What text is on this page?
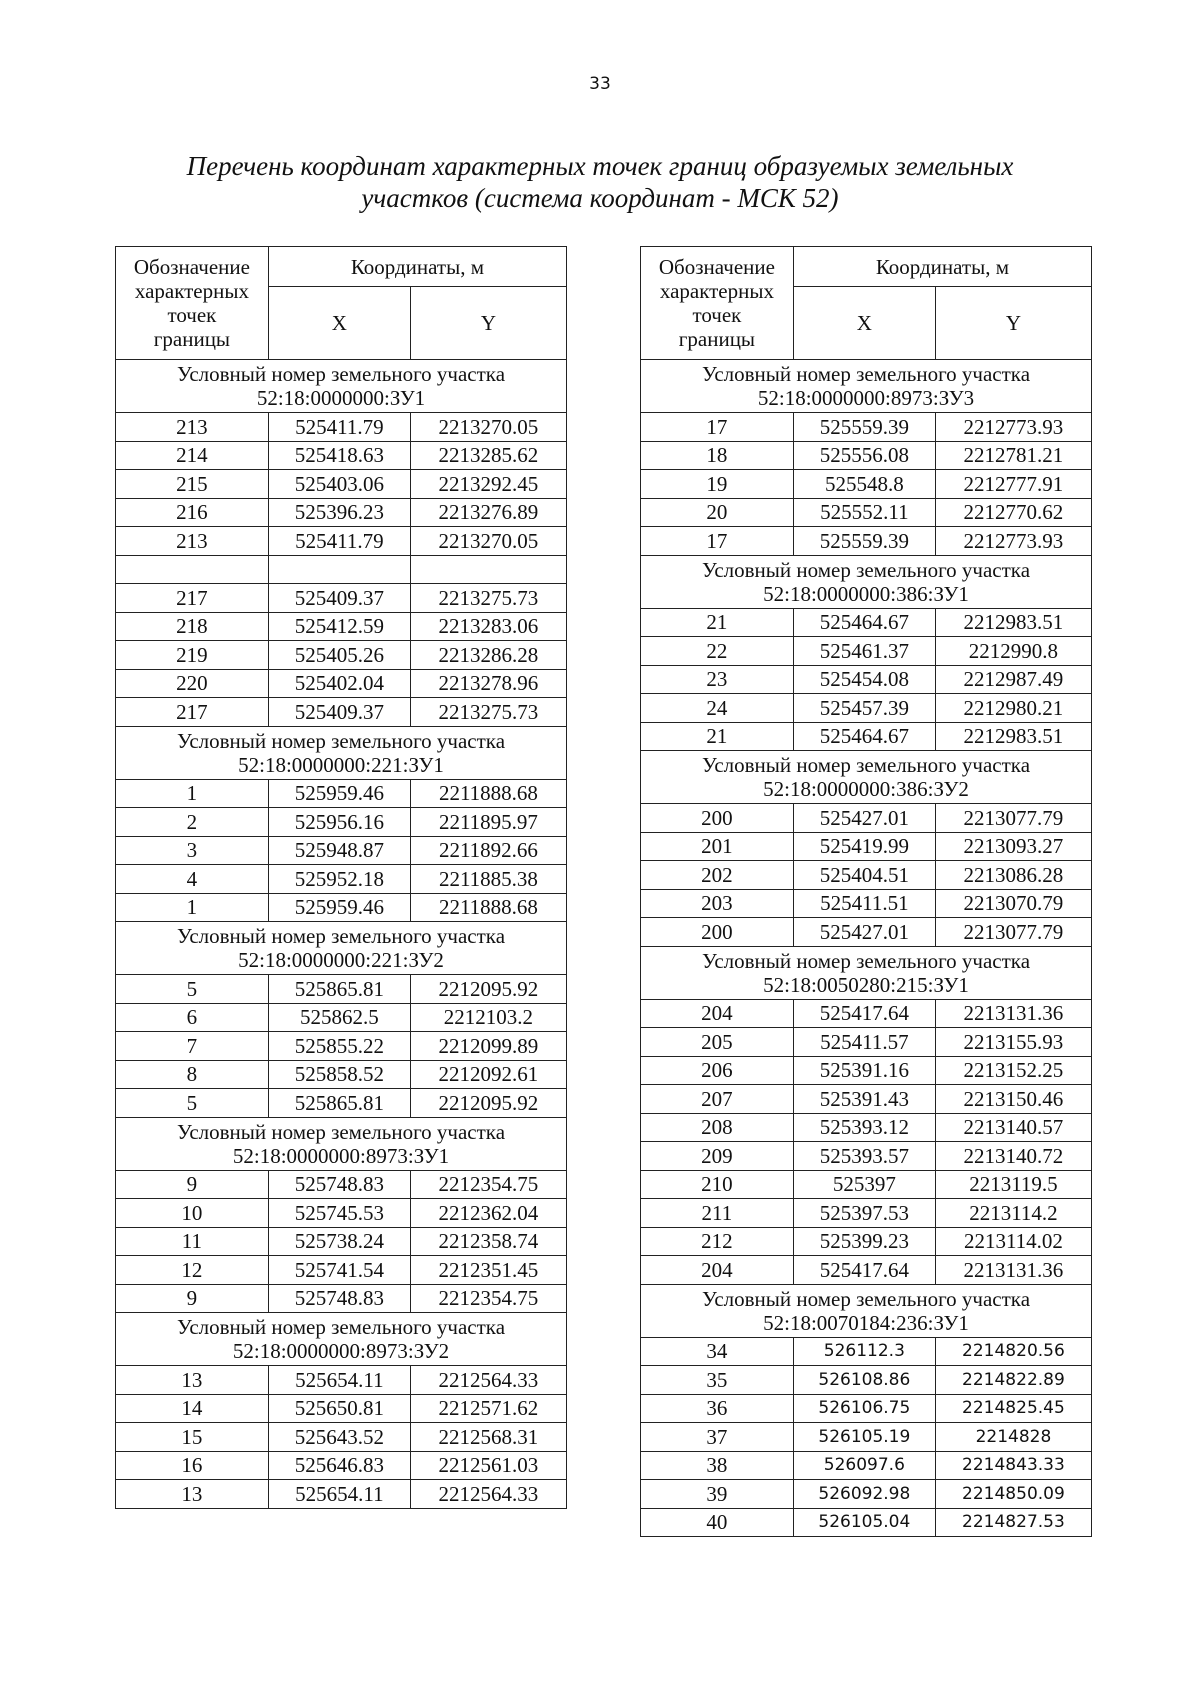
33
Перечень координат характерных точек границ образуемых земельных
участков (система координат - МСК 52)
Обозначение
характерных
точек
границы	Координаты, м	
	X	Y

Условный номер земельного участка
52:18:0000000:ЗУ1		

213	525411.79	2213270.05
214	525418.63	2213285.62
215	525403.06	2213292.45
216	525396.23	2213276.89
213	525411.79	2213270.05

217	525409.37	2213275.73
218	525412.59	2213283.06
219	525405.26	2213286.28
220	525402.04	2213278.96
217	525409.37	2213275.73

Условный номер земельного участка
52:18:0000000:221:ЗУ1		

1	525959.46	2211888.68
2	525956.16	2211895.97
3	525948.87	2211892.66
4	525952.18	2211885.38
1	525959.46	2211888.68

Условный номер земельного участка
52:18:0000000:221:ЗУ2		

5	525865.81	2212095.92
6	525862.5	2212103.2
7	525855.22	2212099.89
8	525858.52	2212092.61
5	525865.81	2212095.92

Условный номер земельного участка
52:18:0000000:8973:ЗУ1		

9	525748.83	2212354.75
10	525745.53	2212362.04
11	525738.24	2212358.74
12	525741.54	2212351.45
9	525748.83	2212354.75

Условный номер земельного участка
52:18:0000000:8973:ЗУ2		

13	525654.11	2212564.33
14	525650.81	2212571.62
15	525643.52	2212568.31
16	525646.83	2212561.03
13	525654.11	2212564.33
Обозначение
характерных
точек
границы	Координаты, м	
	X	Y

Условный номер земельного участка
52:18:0000000:8973:ЗУ3		

17	525559.39	2212773.93
18	525556.08	2212781.21
19	525548.8	2212777.91
20	525552.11	2212770.62
17	525559.39	2212773.93

Условный номер земельного участка
52:18:0000000:386:ЗУ1		

21	525464.67	2212983.51
22	525461.37	2212990.8
23	525454.08	2212987.49
24	525457.39	2212980.21
21	525464.67	2212983.51

Условный номер земельного участка
52:18:0000000:386:ЗУ2		

200	525427.01	2213077.79
201	525419.99	2213093.27
202	525404.51	2213086.28
203	525411.51	2213070.79
200	525427.01	2213077.79

Условный номер земельного участка
52:18:0050280:215:ЗУ1		

204	525417.64	2213131.36
205	525411.57	2213155.93
206	525391.16	2213152.25
207	525391.43	2213150.46
208	525393.12	2213140.57
209	525393.57	2213140.72
210	525397	2213119.5
211	525397.53	2213114.2
212	525399.23	2213114.02
204	525417.64	2213131.36

Условный номер земельного участка
52:18:0070184:236:ЗУ1		

34	526112.3	2214820.56
35	526108.86	2214822.89
36	526106.75	2214825.45
37	526105.19	2214828
38	526097.6	2214843.33
39	526092.98	2214850.09
40	526105.04	2214827.53
